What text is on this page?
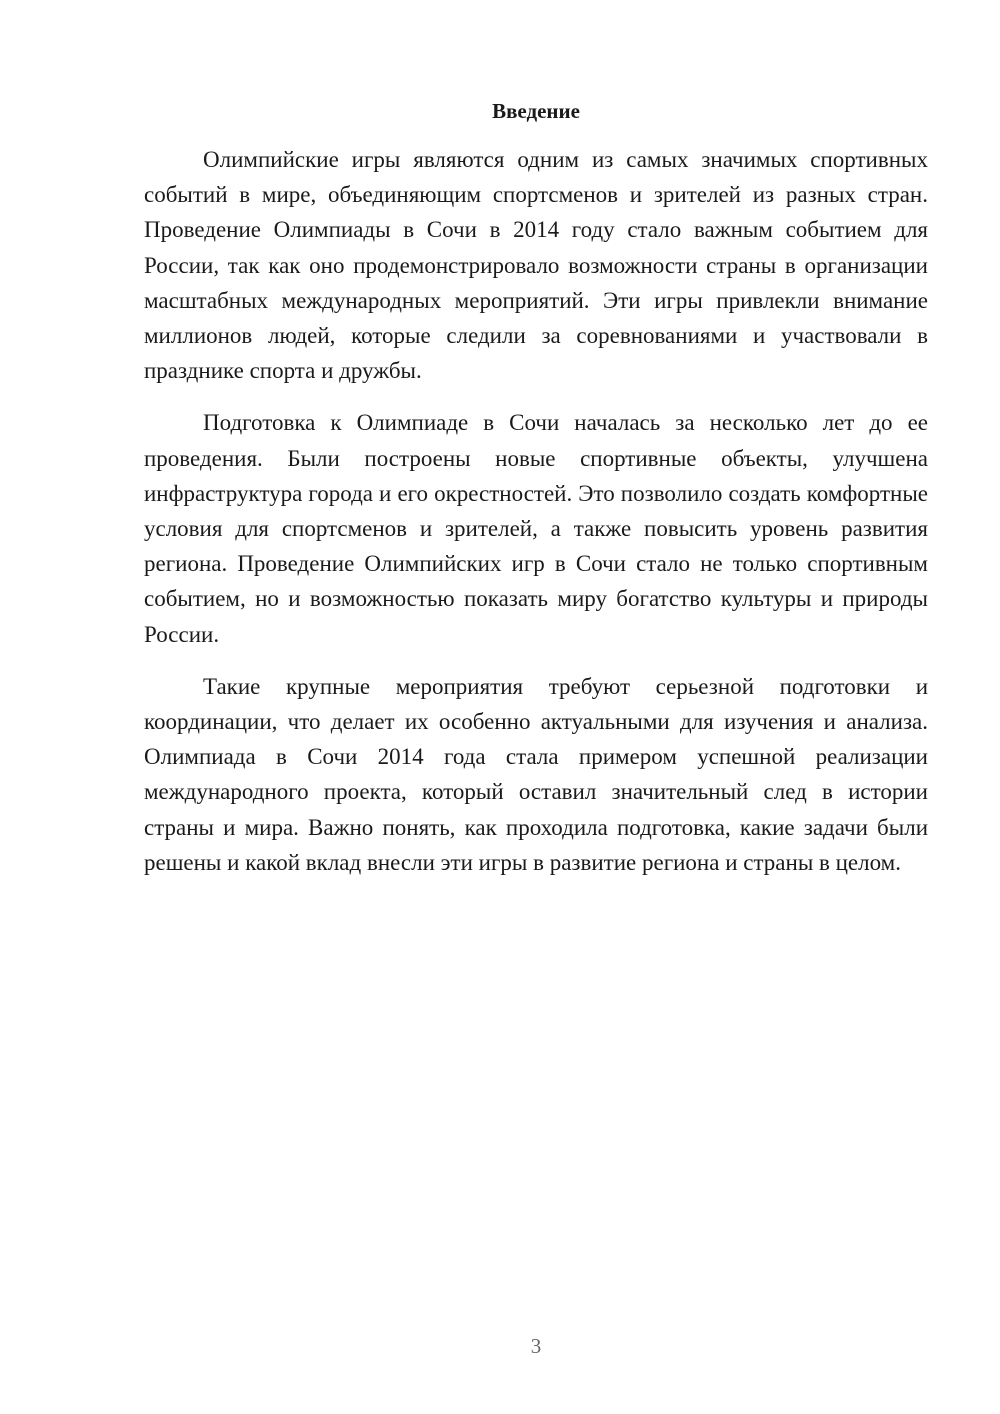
Введение

Олимпийские игры являются одним из самых значимых спортивных событий в мире, объединяющим спортсменов и зрителей из разных стран. Проведение Олимпиады в Сочи в 2014 году стало важным событием для России, так как оно продемонстрировало возможности страны в организации масштабных международных мероприятий. Эти игры привлекли внимание миллионов людей, которые следили за соревнованиями и участвовали в празднике спорта и дружбы.

Подготовка к Олимпиаде в Сочи началась за несколько лет до ее проведения. Были построены новые спортивные объекты, улучшена инфраструктура города и его окрестностей. Это позволило создать комфортные условия для спортсменов и зрителей, а также повысить уровень развития региона. Проведение Олимпийских игр в Сочи стало не только спортивным событием, но и возможностью показать миру богатство культуры и природы России.

Такие крупные мероприятия требуют серьезной подготовки и координации, что делает их особенно актуальными для изучения и анализа. Олимпиада в Сочи 2014 года стала примером успешной реализации международного проекта, который оставил значительный след в истории страны и мира. Важно понять, как проходила подготовка, какие задачи были решены и какой вклад внесли эти игры в развитие региона и страны в целом.

3
